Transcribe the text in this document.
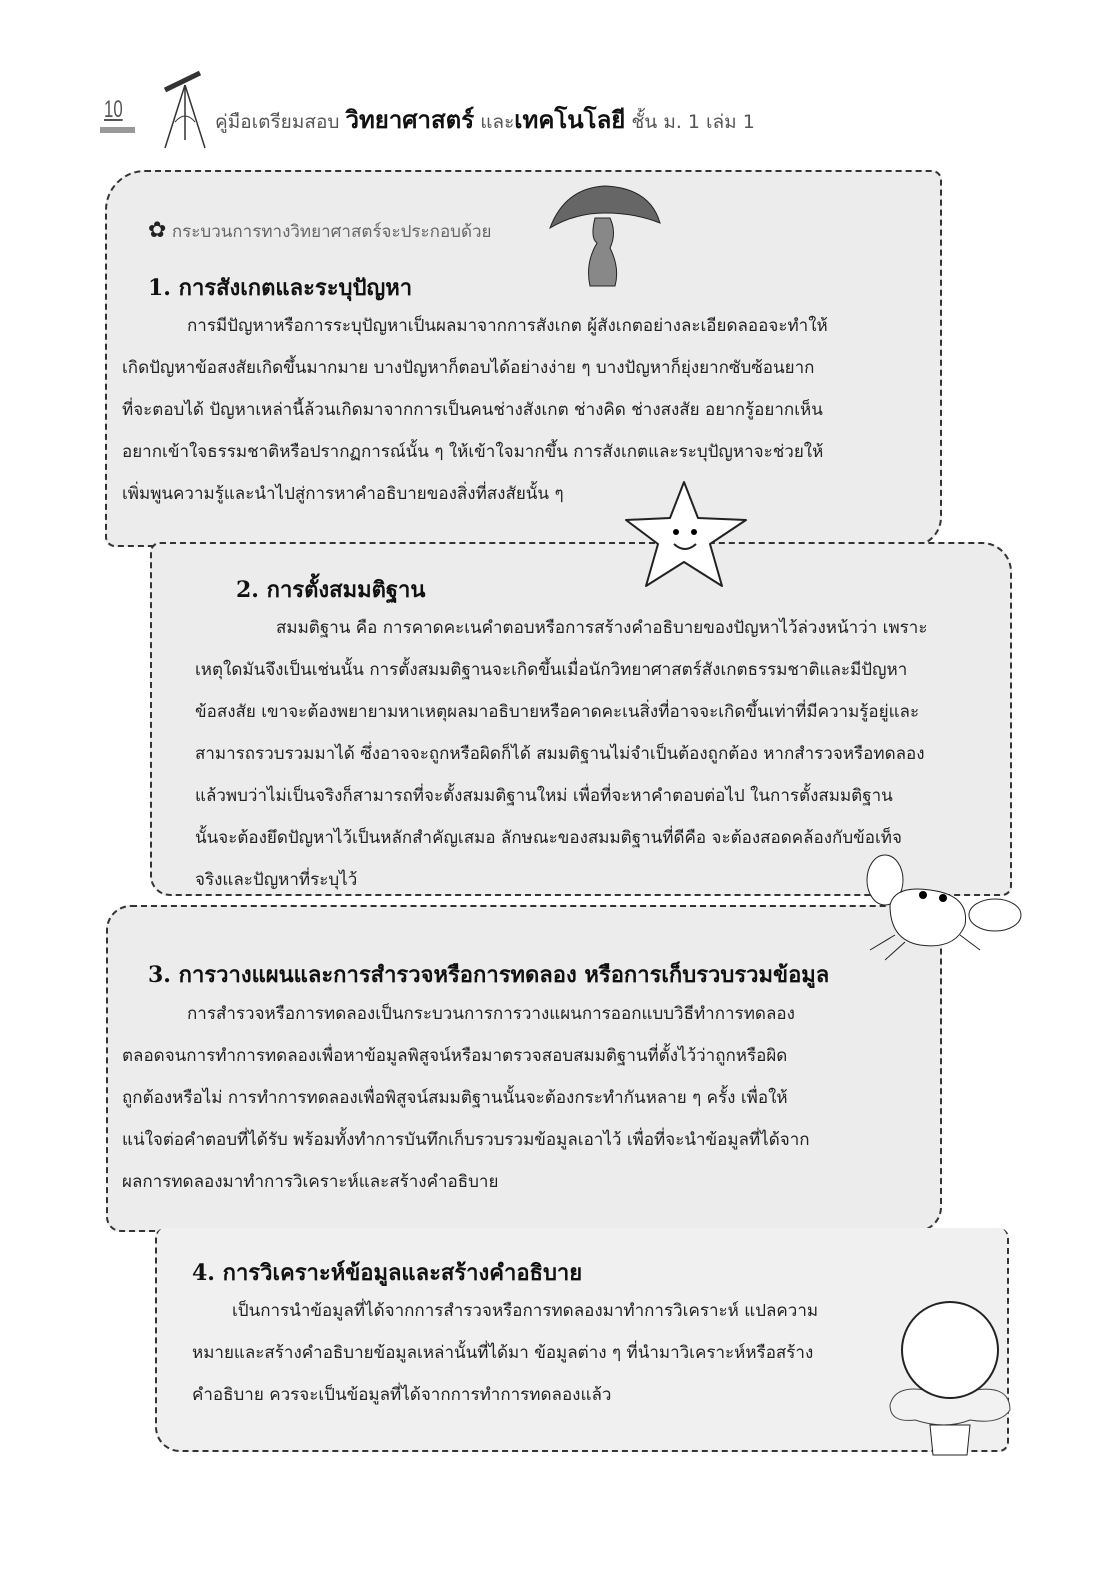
10	คู่มือเตรียมสอบ วิทยาศาสตร์ และเทคโนโลยี ชั้น ม. 1 เล่ม 1
✿ กระบวนการทางวิทยาศาสตร์จะประกอบด้วย
1. การสังเกตและระบุปัญหา
การมีปัญหาหรือการระบุปัญหาเป็นผลมาจากการสังเกต ผู้สังเกตอย่างละเอียดลออจะทำให้
เกิดปัญหาข้อสงสัยเกิดขึ้นมากมาย บางปัญหาก็ตอบได้อย่างง่าย ๆ บางปัญหาก็ยุ่งยากซับซ้อนยาก
ที่จะตอบได้ ปัญหาเหล่านี้ล้วนเกิดมาจากการเป็นคนช่างสังเกต ช่างคิด ช่างสงสัย อยากรู้อยากเห็น
อยากเข้าใจธรรมชาติหรือปรากฏการณ์นั้น ๆ ให้เข้าใจมากขึ้น การสังเกตและระบุปัญหาจะช่วยให้
เพิ่มพูนความรู้และนำไปสู่การหาคำอธิบายของสิ่งที่สงสัยนั้น ๆ
2. การตั้งสมมติฐาน
สมมติฐาน คือ การคาดคะเนคำตอบหรือการสร้างคำอธิบายของปัญหาไว้ล่วงหน้าว่า เพราะ
เหตุใดมันจึงเป็นเช่นนั้น การตั้งสมมติฐานจะเกิดขึ้นเมื่อนักวิทยาศาสตร์สังเกตธรรมชาติและมีปัญหา
ข้อสงสัย เขาจะต้องพยายามหาเหตุผลมาอธิบายหรือคาดคะเนสิ่งที่อาจจะเกิดขึ้นเท่าที่มีความรู้อยู่และ
สามารถรวบรวมมาได้ ซึ่งอาจจะถูกหรือผิดก็ได้ สมมติฐานไม่จำเป็นต้องถูกต้อง หากสำรวจหรือทดลอง
แล้วพบว่าไม่เป็นจริงก็สามารถที่จะตั้งสมมติฐานใหม่ เพื่อที่จะหาคำตอบต่อไป ในการตั้งสมมติฐาน
นั้นจะต้องยึดปัญหาไว้เป็นหลักสำคัญเสมอ ลักษณะของสมมติฐานที่ดีคือ จะต้องสอดคล้องกับข้อเท็จ
จริงและปัญหาที่ระบุไว้
3. การวางแผนและการสำรวจหรือการทดลอง หรือการเก็บรวบรวมข้อมูล
การสำรวจหรือการทดลองเป็นกระบวนการการวางแผนการออกแบบวิธีทำการทดลอง
ตลอดจนการทำการทดลองเพื่อหาข้อมูลพิสูจน์หรือมาตรวจสอบสมมติฐานที่ตั้งไว้ว่าถูกหรือผิด
ถูกต้องหรือไม่ การทำการทดลองเพื่อพิสูจน์สมมติฐานนั้นจะต้องกระทำกันหลาย ๆ ครั้ง เพื่อให้
แน่ใจต่อคำตอบที่ได้รับ พร้อมทั้งทำการบันทึกเก็บรวบรวมข้อมูลเอาไว้ เพื่อที่จะนำข้อมูลที่ได้จาก
ผลการทดลองมาทำการวิเคราะห์และสร้างคำอธิบาย
4. การวิเคราะห์ข้อมูลและสร้างคำอธิบาย
เป็นการนำข้อมูลที่ได้จากการสำรวจหรือการทดลองมาทำการวิเคราะห์ แปลความ
หมายและสร้างคำอธิบายข้อมูลเหล่านั้นที่ได้มา ข้อมูลต่าง ๆ ที่นำมาวิเคราะห์หรือสร้าง
คำอธิบาย ควรจะเป็นข้อมูลที่ได้จากการทำการทดลองแล้ว
